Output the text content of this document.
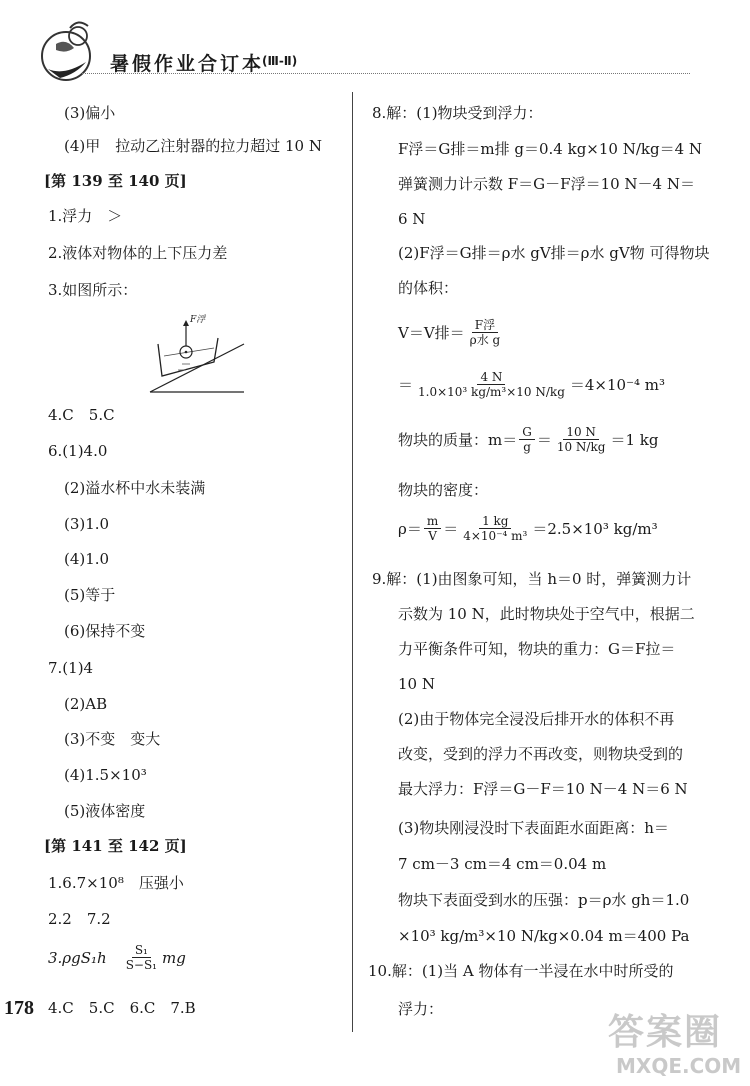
暑假作业合订本
(Ⅲ-Ⅱ)
(3)偏小
(4)甲　拉动乙注射器的拉力超过 10 N
[第 139 至 140 页]
1.浮力　＞
2.液体对物体的上下压力差
3.如图所示：
F浮
4.C　5.C
6.(1)4.0
(2)溢水杯中水未装满
(3)1.0
(4)1.0
(5)等于
(6)保持不变
7.(1)4
(2)AB
(3)不变　变大
(4)1.5×10³
(5)液体密度
[第 141 至 142 页]
1.6.7×10⁸　压强小
2.2　7.2
$3.\rho gS_1h \frac{\text{S₁}}{\text{S−S₁}}$ mg
178 4.C　5.C　6.C　7.B
8.解：(1)物块受到浮力：
F浮＝G排＝m排 g＝0.4 kg×10 N/kg＝4 N
弹簧测力计示数 F＝G－F浮＝10 N－4 N＝
6 N
(2)F浮＝G排＝ρ水 gV排＝ρ水 gV物 可得物块
的体积：
V＝V排＝ $\frac{\text{F浮}}{\text{ρ水 g}}$
＝ $\frac{4 N}{\text{1.0×10³ kg/m³×10 N/kg}} =4\times 10^{-4}$ m³
物块的质量：$m= \frac{G}{g} = \frac{10 N}{10 N/kg} =1$ kg
物块的密度：
$\rho= \frac{m}{V} = \frac{1 kg}{\text{4×10⁻⁴ m³}} =2.5\times 10^3$ kg/m³
9.解：(1)由图象可知，当 h＝0 时，弹簧测力计
示数为 10 N，此时物块处于空气中，根据二
力平衡条件可知，物块的重力：G＝F拉＝
10 N
(2)由于物体完全浸没后排开水的体积不再
改变，受到的浮力不再改变，则物块受到的
最大浮力：F浮＝G－F＝10 N－4 N＝6 N
(3)物块刚浸没时下表面距水面距离：h＝
7 cm－3 cm＝4 cm＝0.04 m
物块下表面受到水的压强：p＝ρ水 gh＝1.0
×10³ kg/m³×10 N/kg×0.04 m＝400 Pa
10.解：(1)当 A 物体有一半浸在水中时所受的
浮力：
答案圈
MXQE.COM
